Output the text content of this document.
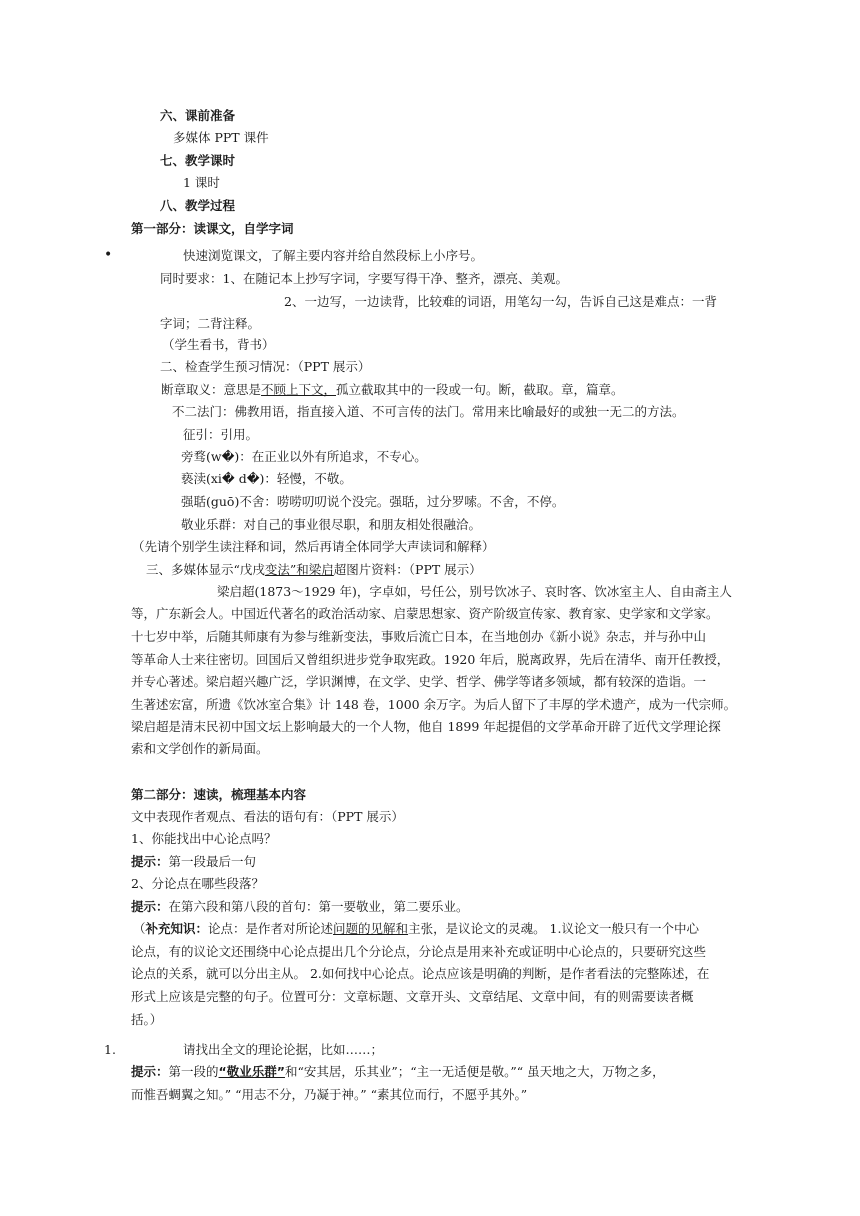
六、课前准备
多媒体 PPT 课件
七、教学课时
1 课时
八、教学过程
第一部分：读课文，自学字词
•	快速浏览课文，了解主要内容并给自然段标上小序号。
同时要求：1、在随记本上抄写字词，字要写得干净、整齐，漂亮、美观。
2、一边写，一边读背，比较难的词语，用笔勾一勾，告诉自己这是难点：一背
字词；二背注释。
（学生看书，背书）
二、检查学生预习情况：（PPT 展示）
断章取义：意思是不顾上下文，孤立截取其中的一段或一句。断，截取。章，篇章。
不二法门：佛教用语，指直接入道、不可言传的法门。常用来比喻最好的或独一无二的方法。
征引：引用。
旁骛(w�)：在正业以外有所追求，不专心。
亵渎(xi� d�)：轻慢，不敬。
强聒(guō)不舍：唠唠叨叨说个没完。强聒，过分罗嗦。不舍，不停。
敬业乐群：对自己的事业很尽职，和朋友相处很融洽。
（先请个别学生读注释和词，然后再请全体同学大声读词和解释）
三、多媒体显示“戊戌变法”和梁启超图片资料：（PPT 展示）
梁启超(1873～1929 年)，字卓如，号任公，别号饮冰子、哀时客、饮冰室主人、自由斋主人
等，广东新会人。中国近代著名的政治活动家、启蒙思想家、资产阶级宣传家、教育家、史学家和文学家。
十七岁中举，后随其师康有为参与维新变法，事败后流亡日本，在当地创办《新小说》杂志，并与孙中山
等革命人士来往密切。回国后又曾组织进步党争取宪政。1920 年后，脱离政界，先后在清华、南开任教授，
并专心著述。梁启超兴趣广泛，学识渊博，在文学、史学、哲学、佛学等诸多领域，都有较深的造诣。一
生著述宏富，所遗《饮冰室合集》计 148 卷，1000 余万字。为后人留下了丰厚的学术遗产，成为一代宗师。
梁启超是清末民初中国文坛上影响最大的一个人物，他自 1899 年起提倡的文学革命开辟了近代文学理论探
索和文学创作的新局面。
第二部分：速读，梳理基本内容
文中表现作者观点、看法的语句有：（PPT 展示）
1、你能找出中心论点吗？
提示：第一段最后一句
2、分论点在哪些段落？
提示：在第六段和第八段的首句：第一要敬业，第二要乐业。
（补充知识：论点：是作者对所论述问题的见解和主张，是议论文的灵魂。 1.议论文一般只有一个中心
论点，有的议论文还围绕中心论点提出几个分论点，分论点是用来补充或证明中心论点的，只要研究这些
论点的关系，就可以分出主从。 2.如何找中心论点。论点应该是明确的判断，是作者看法的完整陈述，在
形式上应该是完整的句子。位置可分：文章标题、文章开头、文章结尾、文章中间，有的则需要读者概
括。）
1.	请找出全文的理论论据，比如……；
提示：第一段的“敬业乐群”和“安其居，乐其业”；“主一无适便是敬。”“ 虽天地之大，万物之多，
而惟吾蜩翼之知。” “用志不分，乃凝于神。” “素其位而行，不愿乎其外。”
